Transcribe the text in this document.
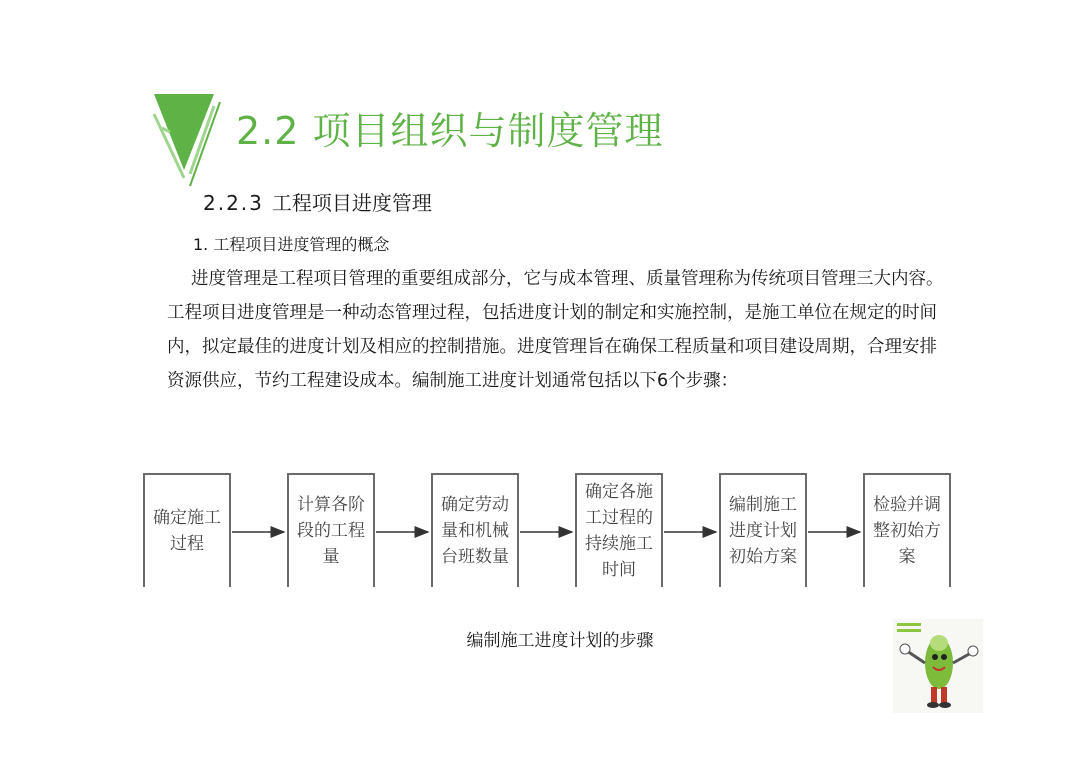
2.2 项目组织与制度管理
2.2.3 工程项目进度管理
1. 工程项目进度管理的概念

进度管理是工程项目管理的重要组成部分，它与成本管理、质量管理称为传统项目管理三大内容。工程项目进度管理是一种动态管理过程，包括进度计划的制定和实施控制，是施工单位在规定的时间内，拟定最佳的进度计划及相应的控制措施。进度管理旨在确保工程质量和项目建设周期，合理安排资源供应，节约工程建设成本。编制施工进度计划通常包括以下6个步骤：

确定施工过程
计算各阶段的工程量
确定劳动量和机械台班数量
确定各施工过程的持续施工时间
编制施工进度计划初始方案
检验并调整初始方案
编制施工进度计划的步骤
